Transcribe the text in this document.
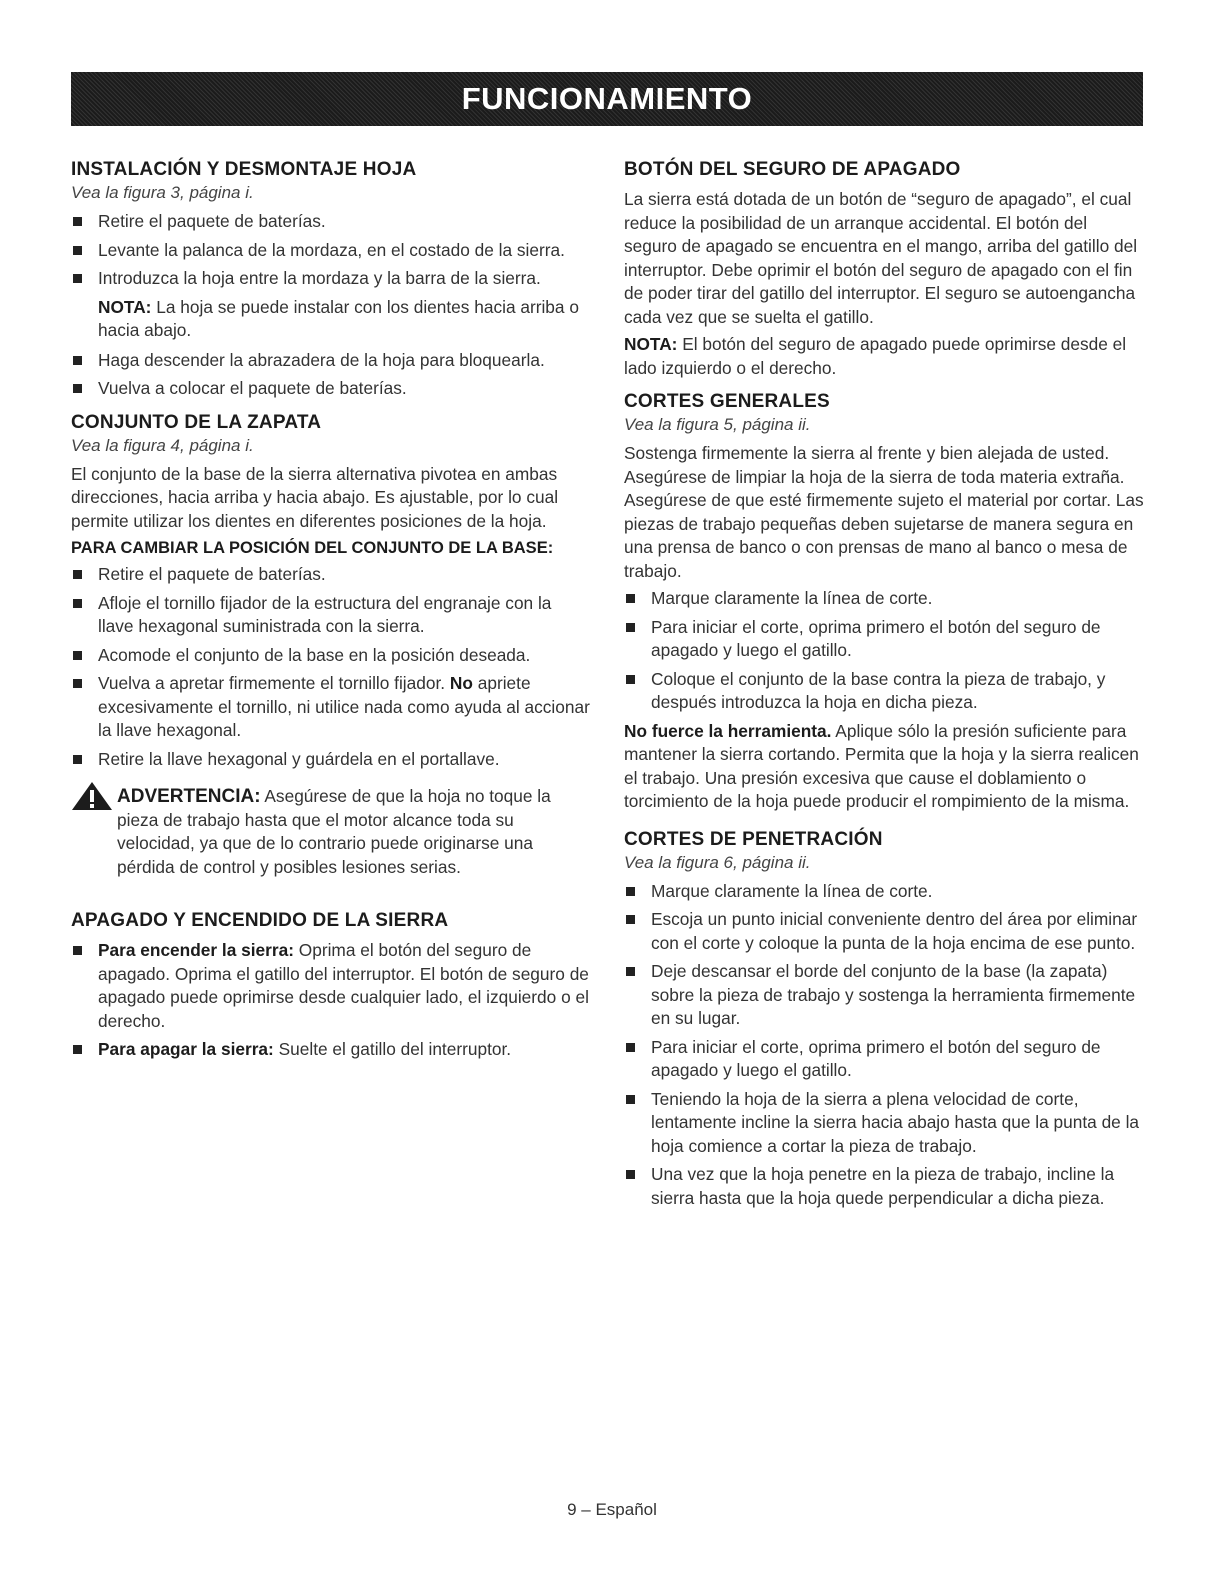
FUNCIONAMIENTO
INSTALACIÓN Y DESMONTAJE HOJA
Vea la figura 3, página i.
Retire el paquete de baterías.
Levante la palanca de la mordaza, en el costado de la sierra.
Introduzca la hoja entre la mordaza y la barra de la sierra.
NOTA: La hoja se puede instalar con los dientes hacia arriba o hacia abajo.
Haga descender la abrazadera de la hoja para bloquearla.
Vuelva a colocar el paquete de baterías.
CONJUNTO DE LA ZAPATA
Vea la figura 4, página i.

El conjunto de la base de la sierra alternativa pivotea en ambas direcciones, hacia arriba y hacia abajo. Es ajustable, por lo cual permite utilizar los dientes en diferentes posiciones de la hoja.

PARA CAMBIAR LA POSICIÓN DEL CONJUNTO DE LA BASE:
Retire el paquete de baterías.
Afloje el tornillo fijador de la estructura del engranaje con la llave hexagonal suministrada con la sierra.
Acomode el conjunto de la base en la posición deseada.
Vuelva a apretar firmemente el tornillo fijador. No apriete excesivamente el tornillo, ni utilice nada como ayuda al accionar la llave hexagonal.
Retire la llave hexagonal y guárdela en el portallave.
ADVERTENCIA: Asegúrese de que la hoja no toque la pieza de trabajo hasta que el motor alcance toda su velocidad, ya que de lo contrario puede originarse una pérdida de control y posibles lesiones serias.
APAGADO Y ENCENDIDO DE LA SIERRA
Para encender la sierra: Oprima el botón del seguro de apagado. Oprima el gatillo del interruptor. El botón de seguro de apagado puede oprimirse desde cualquier lado, el izquierdo o el derecho.
Para apagar la sierra: Suelte el gatillo del interruptor.
BOTÓN DEL SEGURO DE APAGADO

La sierra está dotada de un botón de “seguro de apagado”, el cual reduce la posibilidad de un arranque accidental. El botón del seguro de apagado se encuentra en el mango, arriba del gatillo del interruptor. Debe oprimir el botón del seguro de apagado con el fin de poder tirar del gatillo del interruptor. El seguro se autoengancha cada vez que se suelta el gatillo.

NOTA: El botón del seguro de apagado puede oprimirse desde el lado izquierdo o el derecho.

CORTES GENERALES
Vea la figura 5, página ii.

Sostenga firmemente la sierra al frente y bien alejada de usted. Asegúrese de limpiar la hoja de la sierra de toda materia extraña. Asegúrese de que esté firmemente sujeto el material por cortar. Las piezas de trabajo pequeñas deben sujetarse de manera segura en una prensa de banco o con prensas de mano al banco o mesa de trabajo.

Marque claramente la línea de corte.
Para iniciar el corte, oprima primero el botón del seguro de apagado y luego el gatillo.
Coloque el conjunto de la base contra la pieza de trabajo, y después introduzca la hoja en dicha pieza.

No fuerce la herramienta. Aplique sólo la presión suficiente para mantener la sierra cortando. Permita que la hoja y la sierra realicen el trabajo. Una presión excesiva que cause el doblamiento o torcimiento de la hoja puede producir el rompimiento de la misma.

CORTES DE PENETRACIÓN
Vea la figura 6, página ii.
Marque claramente la línea de corte.
Escoja un punto inicial conveniente dentro del área por eliminar con el corte y coloque la punta de la hoja encima de ese punto.
Deje descansar el borde del conjunto de la base (la zapata) sobre la pieza de trabajo y sostenga la herramienta firmemente en su lugar.
Para iniciar el corte, oprima primero el botón del seguro de apagado y luego el gatillo.
Teniendo la hoja de la sierra a plena velocidad de corte, lentamente incline la sierra hacia abajo hasta que la punta de la hoja comience a cortar la pieza de trabajo.
Una vez que la hoja penetre en la pieza de trabajo, incline la sierra hasta que la hoja quede perpendicular a dicha pieza.
9 – Español
